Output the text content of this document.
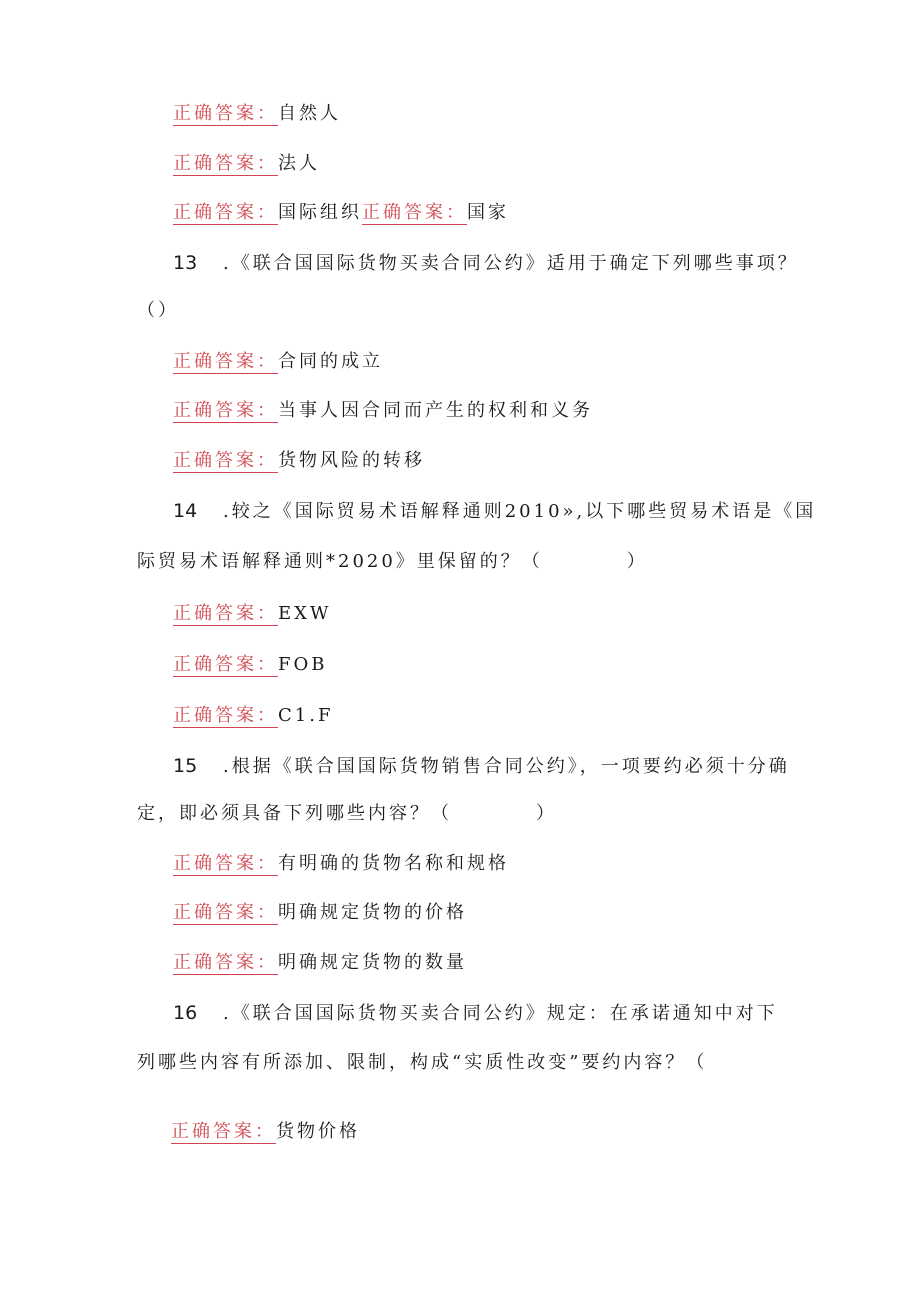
正确答案：自然人
正确答案：法人
正确答案：国际组织正确答案：国家
13 .《联合国国际货物买卖合同公约》适用于确定下列哪些事项？
（）
正确答案：合同的成立
正确答案：当事人因合同而产生的权利和义务
正确答案：货物风险的转移
14 .较之《国际贸易术语解释通则2010»,以下哪些贸易术语是《国
际贸易术语解释通则*2020》里保留的？（　　　　）
正确答案：EXW
正确答案：FOB
正确答案：C1.F
15 .根据《联合国国际货物销售合同公约》，一项要约必须十分确
定，即必须具备下列哪些内容？（　　　　）
正确答案：有明确的货物名称和规格
正确答案：明确规定货物的价格
正确答案：明确规定货物的数量
16 .《联合国国际货物买卖合同公约》规定：在承诺通知中对下
列哪些内容有所添加、限制，构成“实质性改变”要约内容？（
正确答案：货物价格
